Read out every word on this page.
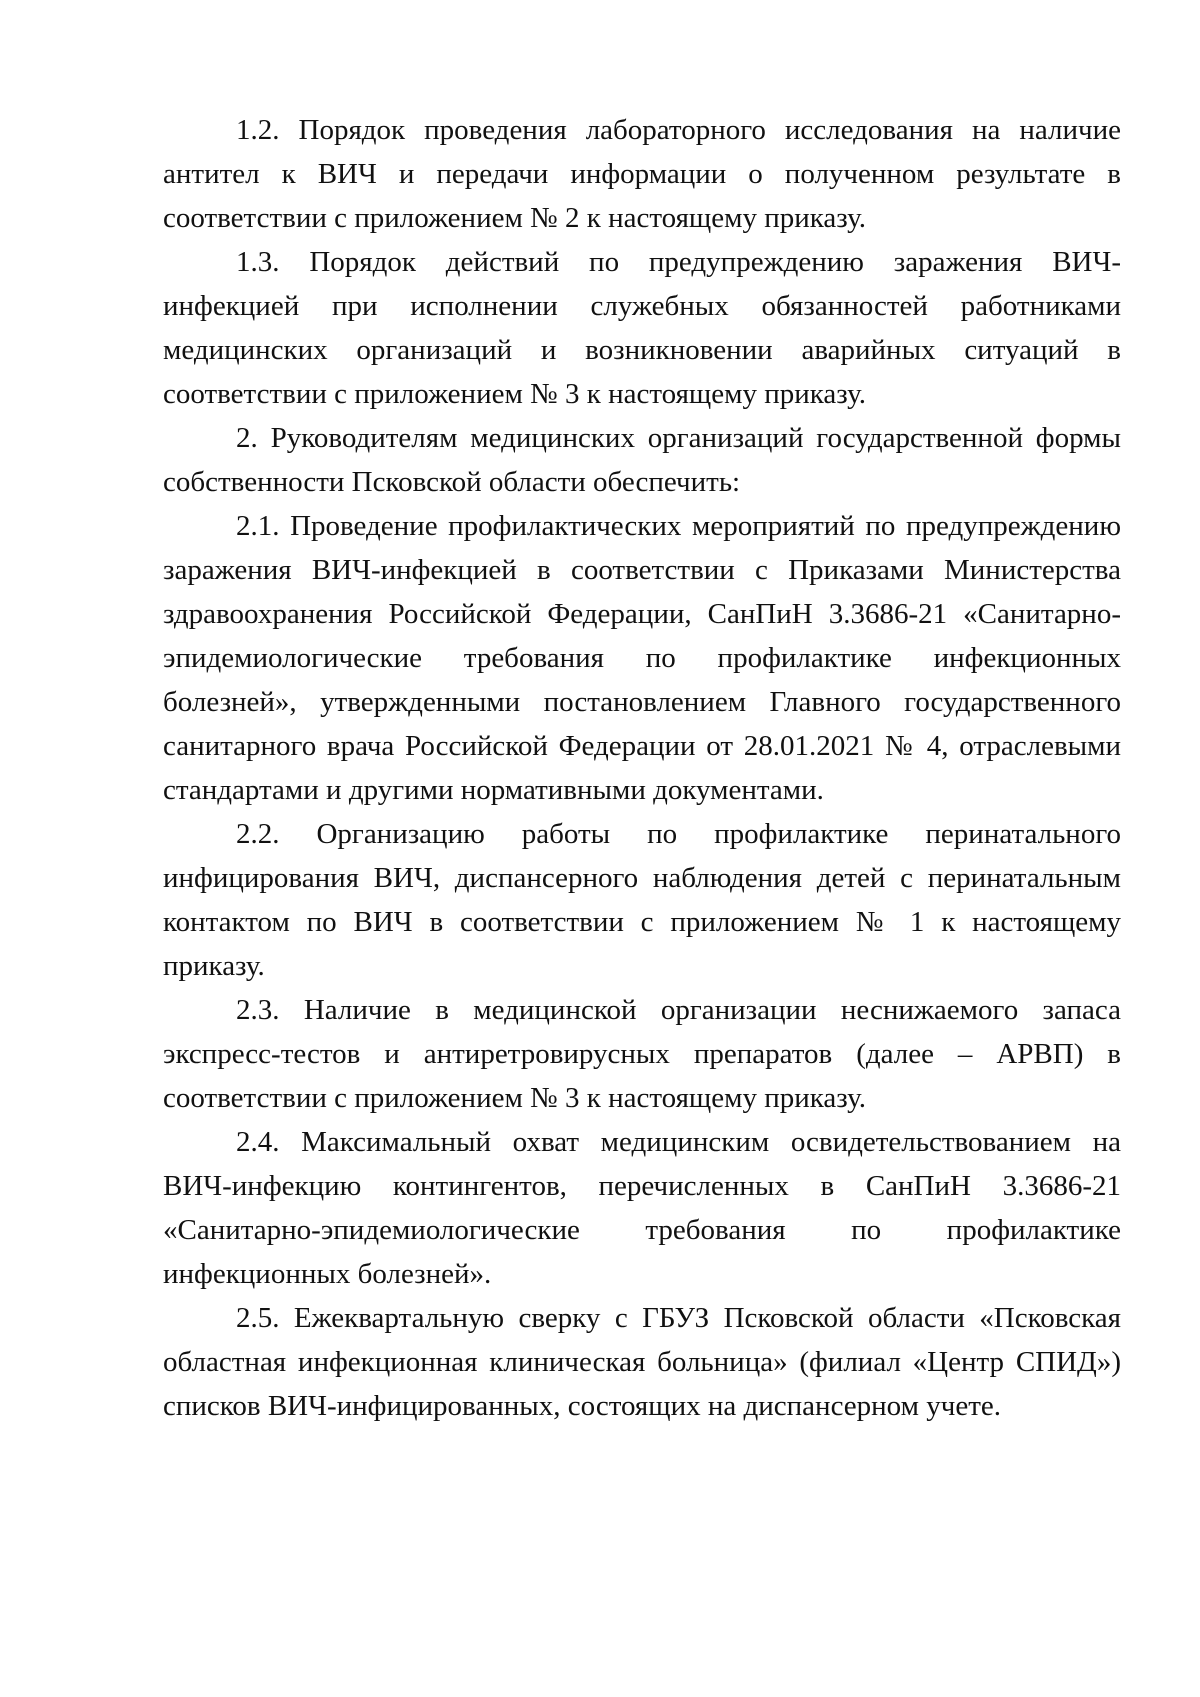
1.2. Порядок проведения лабораторного исследования на наличие антител к ВИЧ и передачи информации о полученном результате в соответствии с приложением № 2 к настоящему приказу.

1.3. Порядок действий по предупреждению заражения ВИЧ-инфекцией при исполнении служебных обязанностей работниками медицинских организаций и возникновении аварийных ситуаций в соответствии с приложением № 3 к настоящему приказу.

2. Руководителям медицинских организаций государственной формы собственности Псковской области обеспечить:

2.1. Проведение профилактических мероприятий по предупреждению заражения ВИЧ-инфекцией в соответствии с Приказами Министерства здравоохранения Российской Федерации, СанПиН 3.3686-21 «Санитарно-эпидемиологические требования по профилактике инфекционных болезней», утвержденными постановлением Главного государственного санитарного врача Российской Федерации от 28.01.2021 № 4, отраслевыми стандартами и другими нормативными документами.

2.2. Организацию работы по профилактике перинатального инфицирования ВИЧ, диспансерного наблюдения детей с перинатальным контактом по ВИЧ в соответствии с приложением № 1 к настоящему приказу.

2.3. Наличие в медицинской организации неснижаемого запаса экспресс-тестов и антиретровирусных препаратов (далее – АРВП) в соответствии с приложением № 3 к настоящему приказу.

2.4. Максимальный охват медицинским освидетельствованием на ВИЧ-инфекцию контингентов, перечисленных в СанПиН 3.3686-21 «Санитарно-эпидемиологические требования по профилактике инфекционных болезней».

2.5. Ежеквартальную сверку с ГБУЗ Псковской области «Псковская областная инфекционная клиническая больница» (филиал «Центр СПИД») списков ВИЧ-инфицированных, состоящих на диспансерном учете.
